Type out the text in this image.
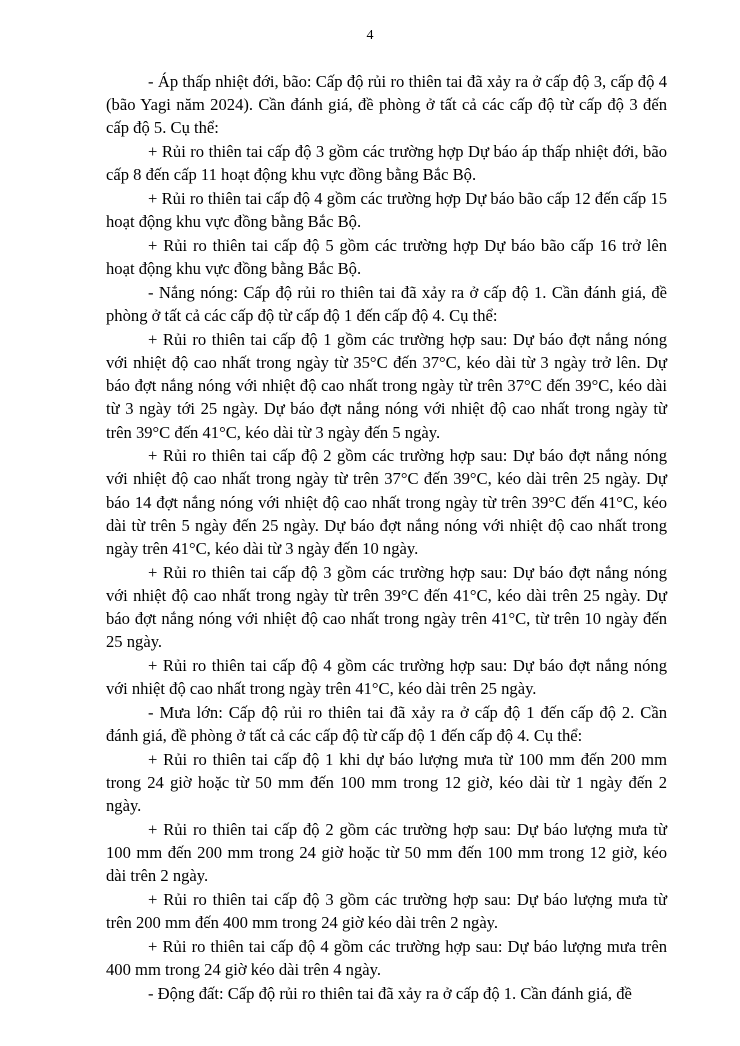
4

- Áp thấp nhiệt đới, bão: Cấp độ rủi ro thiên tai đã xảy ra ở cấp độ 3, cấp độ 4 (bão Yagi năm 2024). Cần đánh giá, đề phòng ở tất cả các cấp độ từ cấp độ 3 đến cấp độ 5. Cụ thể:

+ Rủi ro thiên tai cấp độ 3 gồm các trường hợp Dự báo áp thấp nhiệt đới, bão cấp 8 đến cấp 11 hoạt động khu vực đồng bằng Bắc Bộ.

+ Rủi ro thiên tai cấp độ 4 gồm các trường hợp Dự báo bão cấp 12 đến cấp 15 hoạt động khu vực đồng bằng Bắc Bộ.

+ Rủi ro thiên tai cấp độ 5 gồm các trường hợp Dự báo bão cấp 16 trở lên hoạt động khu vực đồng bằng Bắc Bộ.

- Nắng nóng: Cấp độ rủi ro thiên tai đã xảy ra ở cấp độ 1. Cần đánh giá, đề phòng ở tất cả các cấp độ từ cấp độ 1 đến cấp độ 4. Cụ thể:

+ Rủi ro thiên tai cấp độ 1 gồm các trường hợp sau: Dự báo đợt nắng nóng với nhiệt độ cao nhất trong ngày từ 35°C đến 37°C, kéo dài từ 3 ngày trở lên. Dự báo đợt nắng nóng với nhiệt độ cao nhất trong ngày từ trên 37°C đến 39°C, kéo dài từ 3 ngày tới 25 ngày. Dự báo đợt nắng nóng với nhiệt độ cao nhất trong ngày từ trên 39°C đến 41°C, kéo dài từ 3 ngày đến 5 ngày.

+ Rủi ro thiên tai cấp độ 2 gồm các trường hợp sau: Dự báo đợt nắng nóng với nhiệt độ cao nhất trong ngày từ trên 37°C đến 39°C, kéo dài trên 25 ngày. Dự báo 14 đợt nắng nóng với nhiệt độ cao nhất trong ngày từ trên 39°C đến 41°C, kéo dài từ trên 5 ngày đến 25 ngày. Dự báo đợt nắng nóng với nhiệt độ cao nhất trong ngày trên 41°C, kéo dài từ 3 ngày đến 10 ngày.

+ Rủi ro thiên tai cấp độ 3 gồm các trường hợp sau: Dự báo đợt nắng nóng với nhiệt độ cao nhất trong ngày từ trên 39°C đến 41°C, kéo dài trên 25 ngày. Dự báo đợt nắng nóng với nhiệt độ cao nhất trong ngày trên 41°C, từ trên 10 ngày đến 25 ngày.

+ Rủi ro thiên tai cấp độ 4 gồm các trường hợp sau: Dự báo đợt nắng nóng với nhiệt độ cao nhất trong ngày trên 41°C, kéo dài trên 25 ngày.

- Mưa lớn: Cấp độ rủi ro thiên tai đã xảy ra ở cấp độ 1 đến cấp độ 2. Cần đánh giá, đề phòng ở tất cả các cấp độ từ cấp độ 1 đến cấp độ 4. Cụ thể:

+ Rủi ro thiên tai cấp độ 1 khi dự báo lượng mưa từ 100 mm đến 200 mm trong 24 giờ hoặc từ 50 mm đến 100 mm trong 12 giờ, kéo dài từ 1 ngày đến 2 ngày.

+ Rủi ro thiên tai cấp độ 2 gồm các trường hợp sau: Dự báo lượng mưa từ 100 mm đến 200 mm trong 24 giờ hoặc từ 50 mm đến 100 mm trong 12 giờ, kéo dài trên 2 ngày.

+ Rủi ro thiên tai cấp độ 3 gồm các trường hợp sau: Dự báo lượng mưa từ trên 200 mm đến 400 mm trong 24 giờ kéo dài trên 2 ngày.

+ Rủi ro thiên tai cấp độ 4 gồm các trường hợp sau: Dự báo lượng mưa trên 400 mm trong 24 giờ kéo dài trên 4 ngày.

- Động đất: Cấp độ rủi ro thiên tai đã xảy ra ở cấp độ 1. Cần đánh giá, đề
